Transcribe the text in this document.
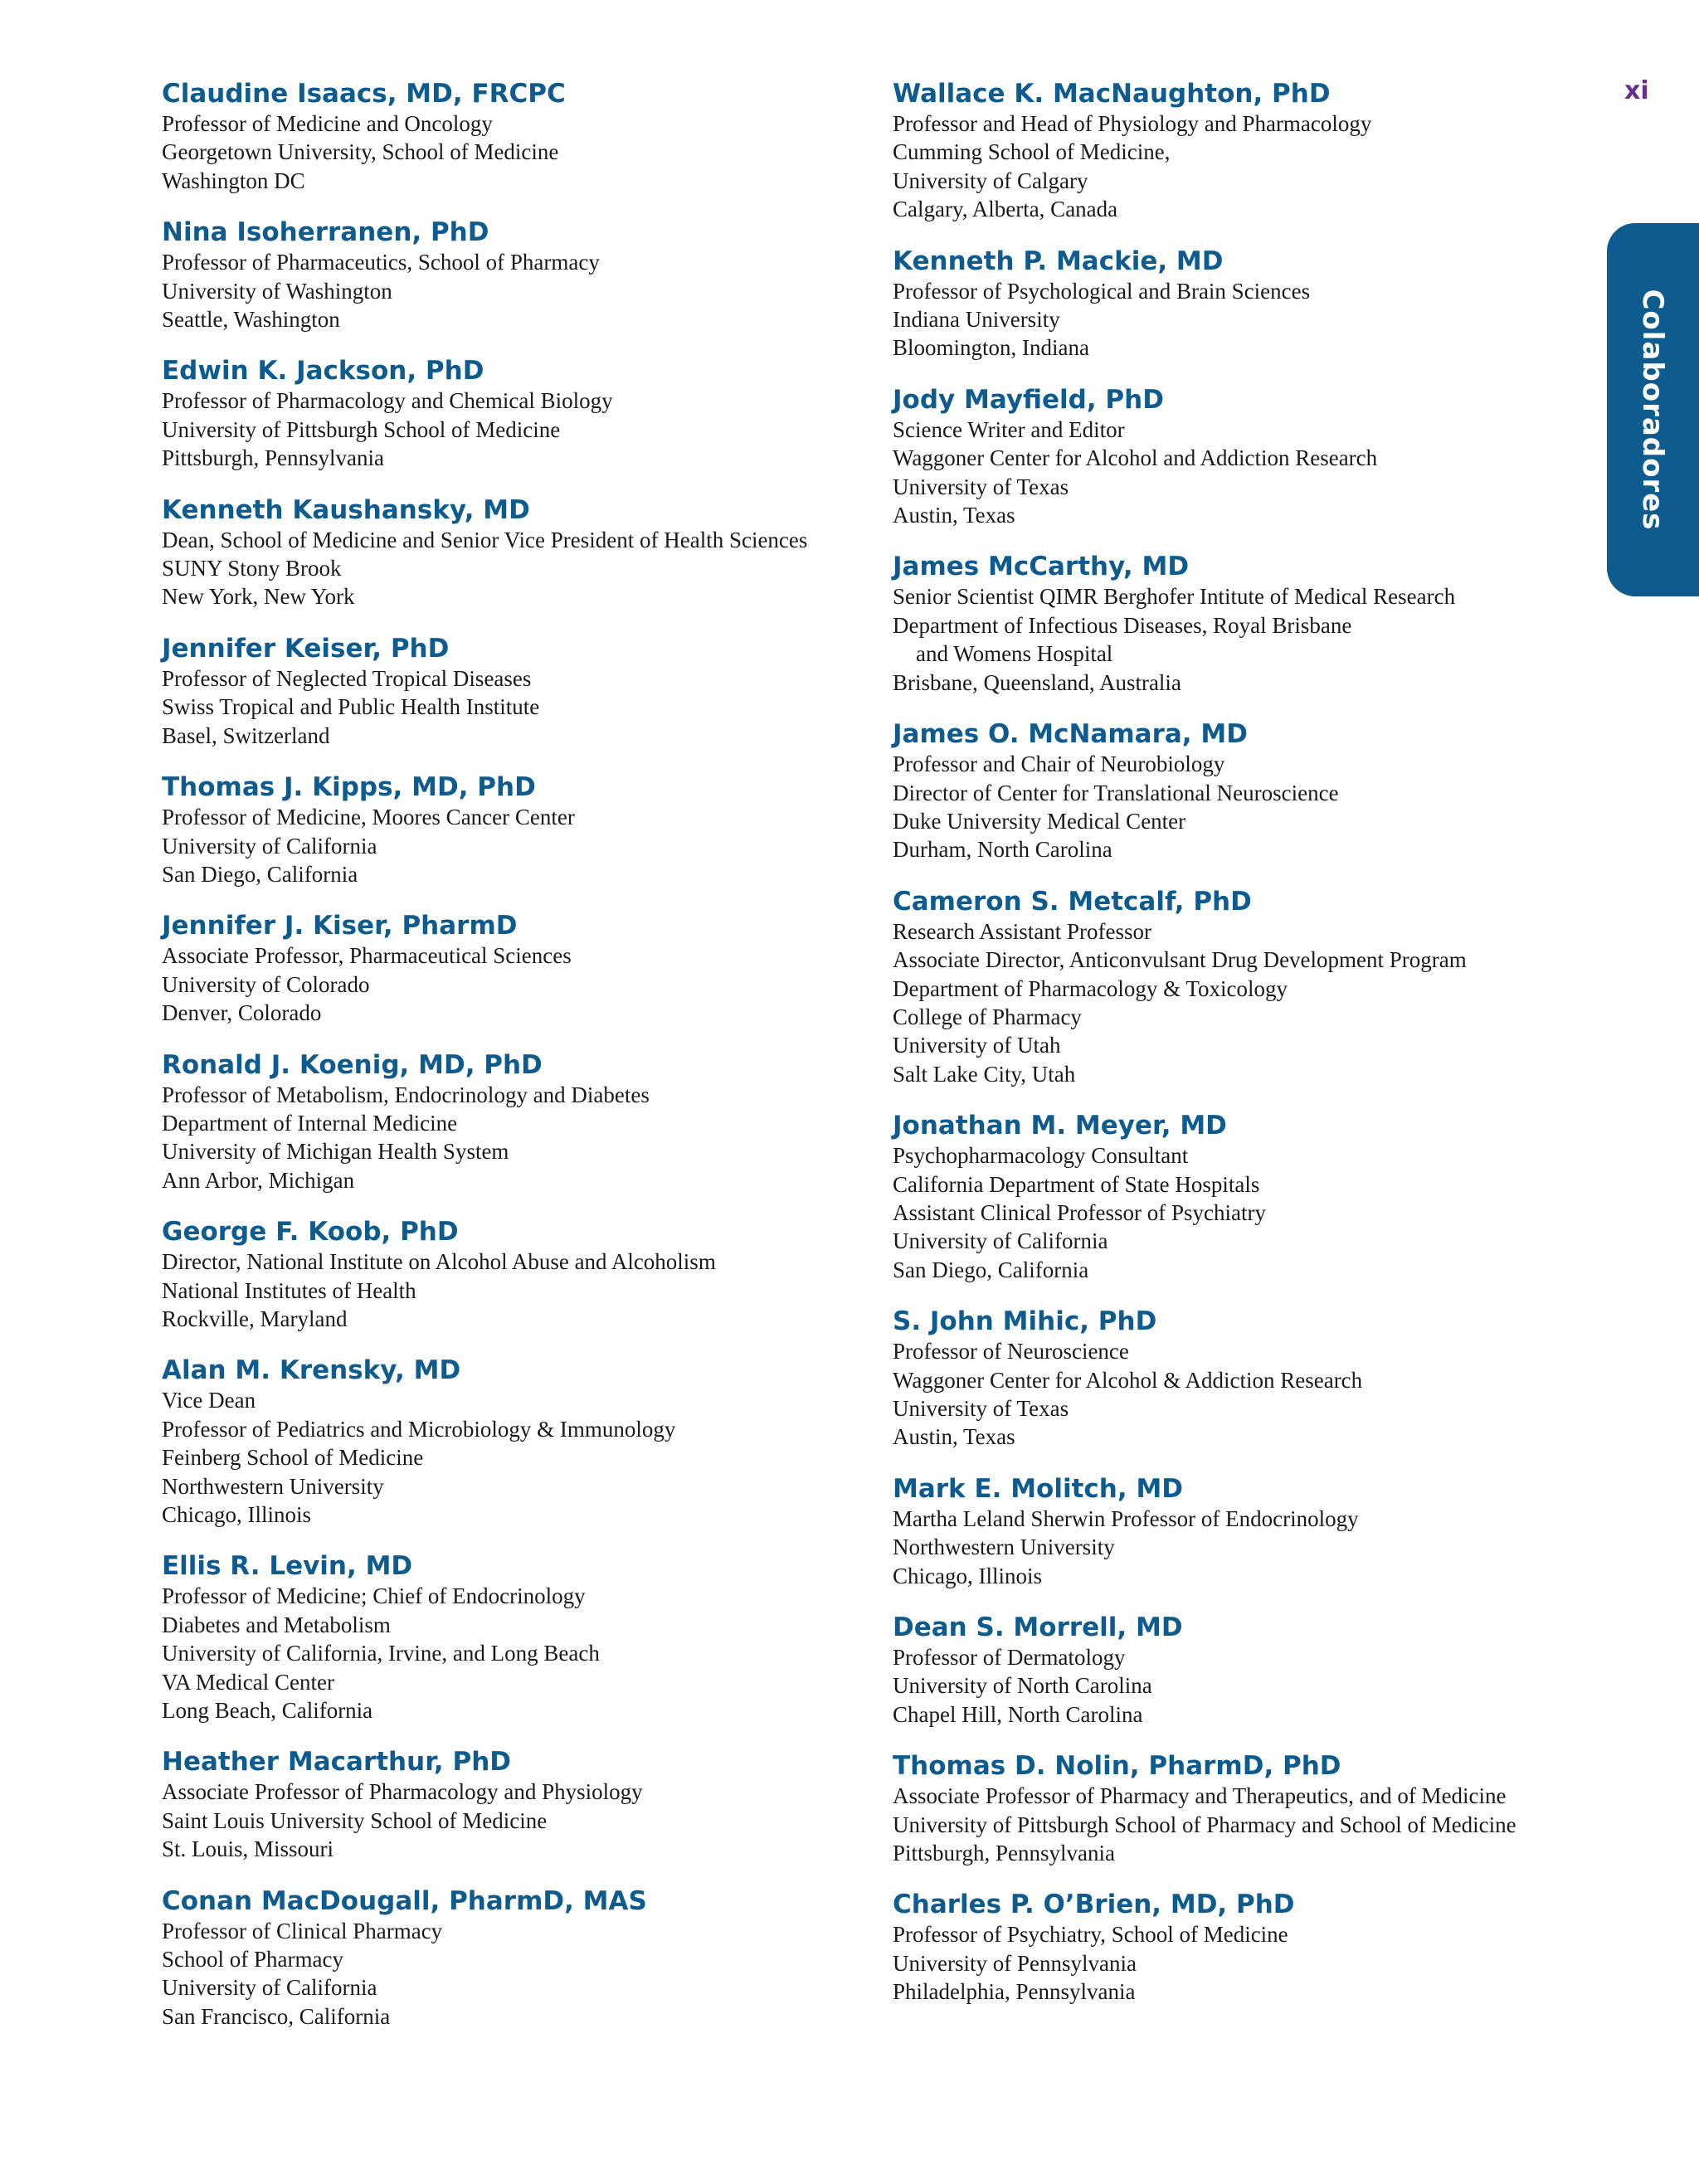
xi
Colaboradores
Claudine Isaacs, MD, FRCPC
Professor of Medicine and Oncology
Georgetown University, School of Medicine
Washington DC
Nina Isoherranen, PhD
Professor of Pharmaceutics, School of Pharmacy
University of Washington
Seattle, Washington
Edwin K. Jackson, PhD
Professor of Pharmacology and Chemical Biology
University of Pittsburgh School of Medicine
Pittsburgh, Pennsylvania
Kenneth Kaushansky, MD
Dean, School of Medicine and Senior Vice President of Health Sciences
SUNY Stony Brook
New York, New York
Jennifer Keiser, PhD
Professor of Neglected Tropical Diseases
Swiss Tropical and Public Health Institute
Basel, Switzerland
Thomas J. Kipps, MD, PhD
Professor of Medicine, Moores Cancer Center
University of California
San Diego, California
Jennifer J. Kiser, PharmD
Associate Professor, Pharmaceutical Sciences
University of Colorado
Denver, Colorado
Ronald J. Koenig, MD, PhD
Professor of Metabolism, Endocrinology and Diabetes
Department of Internal Medicine
University of Michigan Health System
Ann Arbor, Michigan
George F. Koob, PhD
Director, National Institute on Alcohol Abuse and Alcoholism
National Institutes of Health
Rockville, Maryland
Alan M. Krensky, MD
Vice Dean
Professor of Pediatrics and Microbiology & Immunology
Feinberg School of Medicine
Northwestern University
Chicago, Illinois
Ellis R. Levin, MD
Professor of Medicine; Chief of Endocrinology
Diabetes and Metabolism
University of California, Irvine, and Long Beach
VA Medical Center
Long Beach, California
Heather Macarthur, PhD
Associate Professor of Pharmacology and Physiology
Saint Louis University School of Medicine
St. Louis, Missouri
Conan MacDougall, PharmD, MAS
Professor of Clinical Pharmacy
School of Pharmacy
University of California
San Francisco, California
Wallace K. MacNaughton, PhD
Professor and Head of Physiology and Pharmacology
Cumming School of Medicine,
University of Calgary
Calgary, Alberta, Canada
Kenneth P. Mackie, MD
Professor of Psychological and Brain Sciences
Indiana University
Bloomington, Indiana
Jody Mayfield, PhD
Science Writer and Editor
Waggoner Center for Alcohol and Addiction Research
University of Texas
Austin, Texas
James McCarthy, MD
Senior Scientist QIMR Berghofer Intitute of Medical Research
Department of Infectious Diseases, Royal Brisbane
and Womens Hospital
Brisbane, Queensland, Australia
James O. McNamara, MD
Professor and Chair of Neurobiology
Director of Center for Translational Neuroscience
Duke University Medical Center
Durham, North Carolina
Cameron S. Metcalf, PhD
Research Assistant Professor
Associate Director, Anticonvulsant Drug Development Program
Department of Pharmacology & Toxicology
College of Pharmacy
University of Utah
Salt Lake City, Utah
Jonathan M. Meyer, MD
Psychopharmacology Consultant
California Department of State Hospitals
Assistant Clinical Professor of Psychiatry
University of California
San Diego, California
S. John Mihic, PhD
Professor of Neuroscience
Waggoner Center for Alcohol & Addiction Research
University of Texas
Austin, Texas
Mark E. Molitch, MD
Martha Leland Sherwin Professor of Endocrinology
Northwestern University
Chicago, Illinois
Dean S. Morrell, MD
Professor of Dermatology
University of North Carolina
Chapel Hill, North Carolina
Thomas D. Nolin, PharmD, PhD
Associate Professor of Pharmacy and Therapeutics, and of Medicine
University of Pittsburgh School of Pharmacy and School of Medicine
Pittsburgh, Pennsylvania
Charles P. O’Brien, MD, PhD
Professor of Psychiatry, School of Medicine
University of Pennsylvania
Philadelphia, Pennsylvania
